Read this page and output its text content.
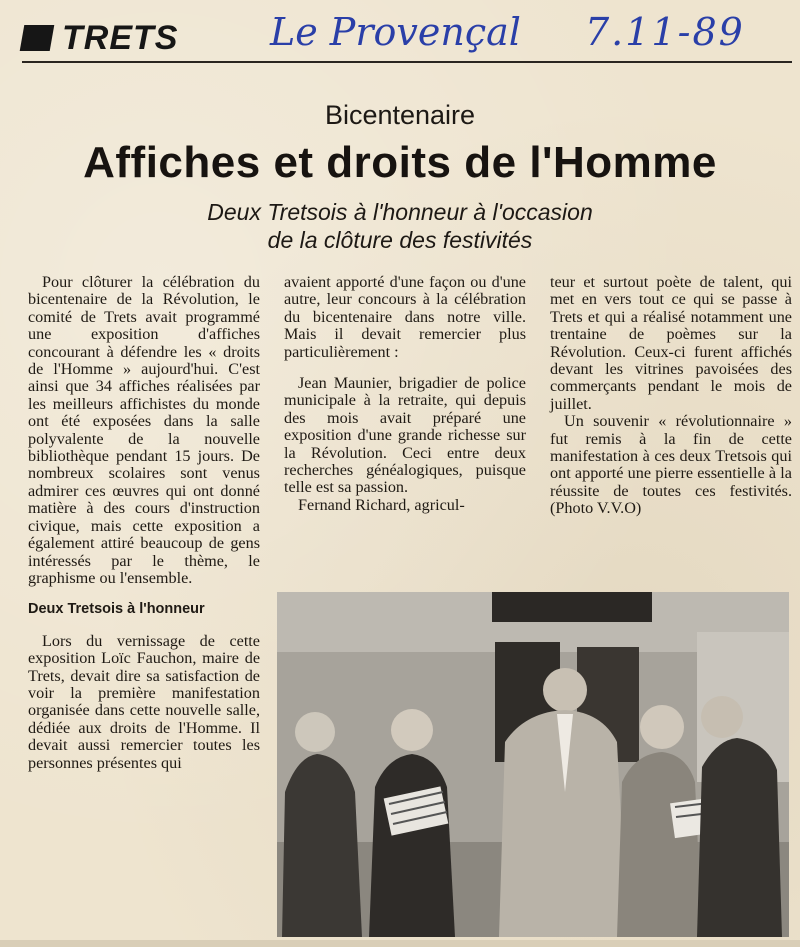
TRETS Le Provençal 7.11-89
Bicentenaire
Affiches et droits de l'Homme
Deux Tretsois à l'honneur à l'occasion
de la clôture des festivités

Pour clôturer la célébration du bicentenaire de la Révolution, le comité de Trets avait programmé une exposition d'affiches concourant à défendre les « droits de l'Homme » aujourd'hui. C'est ainsi que 34 affiches réalisées par les meilleurs affichistes du monde ont été exposées dans la salle polyvalente de la nouvelle bibliothèque pendant 15 jours. De nombreux scolaires sont venus admirer ces œuvres qui ont donné matière à des cours d'instruction civique, mais cette exposition a également attiré beaucoup de gens intéressés par le thème, le graphisme ou l'ensemble.

Deux Tretsois à l'honneur

Lors du vernissage de cette exposition Loïc Fauchon, maire de Trets, devait dire sa satisfaction de voir la première manifestation organisée dans cette nouvelle salle, dédiée aux droits de l'Homme. Il devait aussi remercier toutes les personnes présentes qui

avaient apporté d'une façon ou d'une autre, leur concours à la célébration du bicentenaire dans notre ville. Mais il devait remercier plus particulièrement :

Jean Maunier, brigadier de police municipale à la retraite, qui depuis des mois avait préparé une exposition d'une grande richesse sur la Révolution. Ceci entre deux recherches généalogiques, puisque telle est sa passion.

Fernand Richard, agricul-

teur et surtout poète de talent, qui met en vers tout ce qui se passe à Trets et qui a réalisé notamment une trentaine de poèmes sur la Révolution. Ceux-ci furent affichés devant les vitrines pavoisées des commerçants pendant le mois de juillet.

Un souvenir « révolutionnaire » fut remis à la fin de cette manifestation à ces deux Tretsois qui ont apporté une pierre essentielle à la réussite de toutes ces festivités. (Photo V.V.O)
